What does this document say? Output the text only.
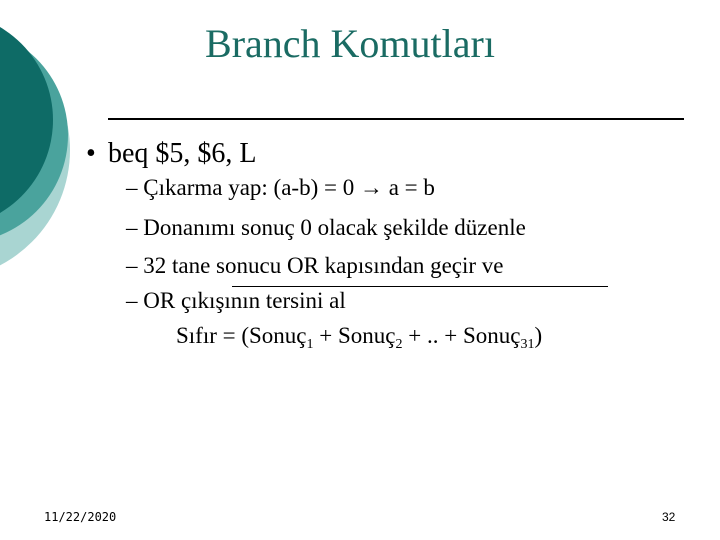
Branch Komutları
• beq $5, $6, L
– Çıkarma yap: (a-b) = 0 → a = b
– Donanımı sonuç 0 olacak şekilde düzenle
– 32 tane sonucu OR kapısından geçir ve
– OR çıkışının tersini al
Sıfır = (Sonuç$_1$ + Sonuç$_2$ + .. + Sonuç$_{31}$)
11/22/2020	32
